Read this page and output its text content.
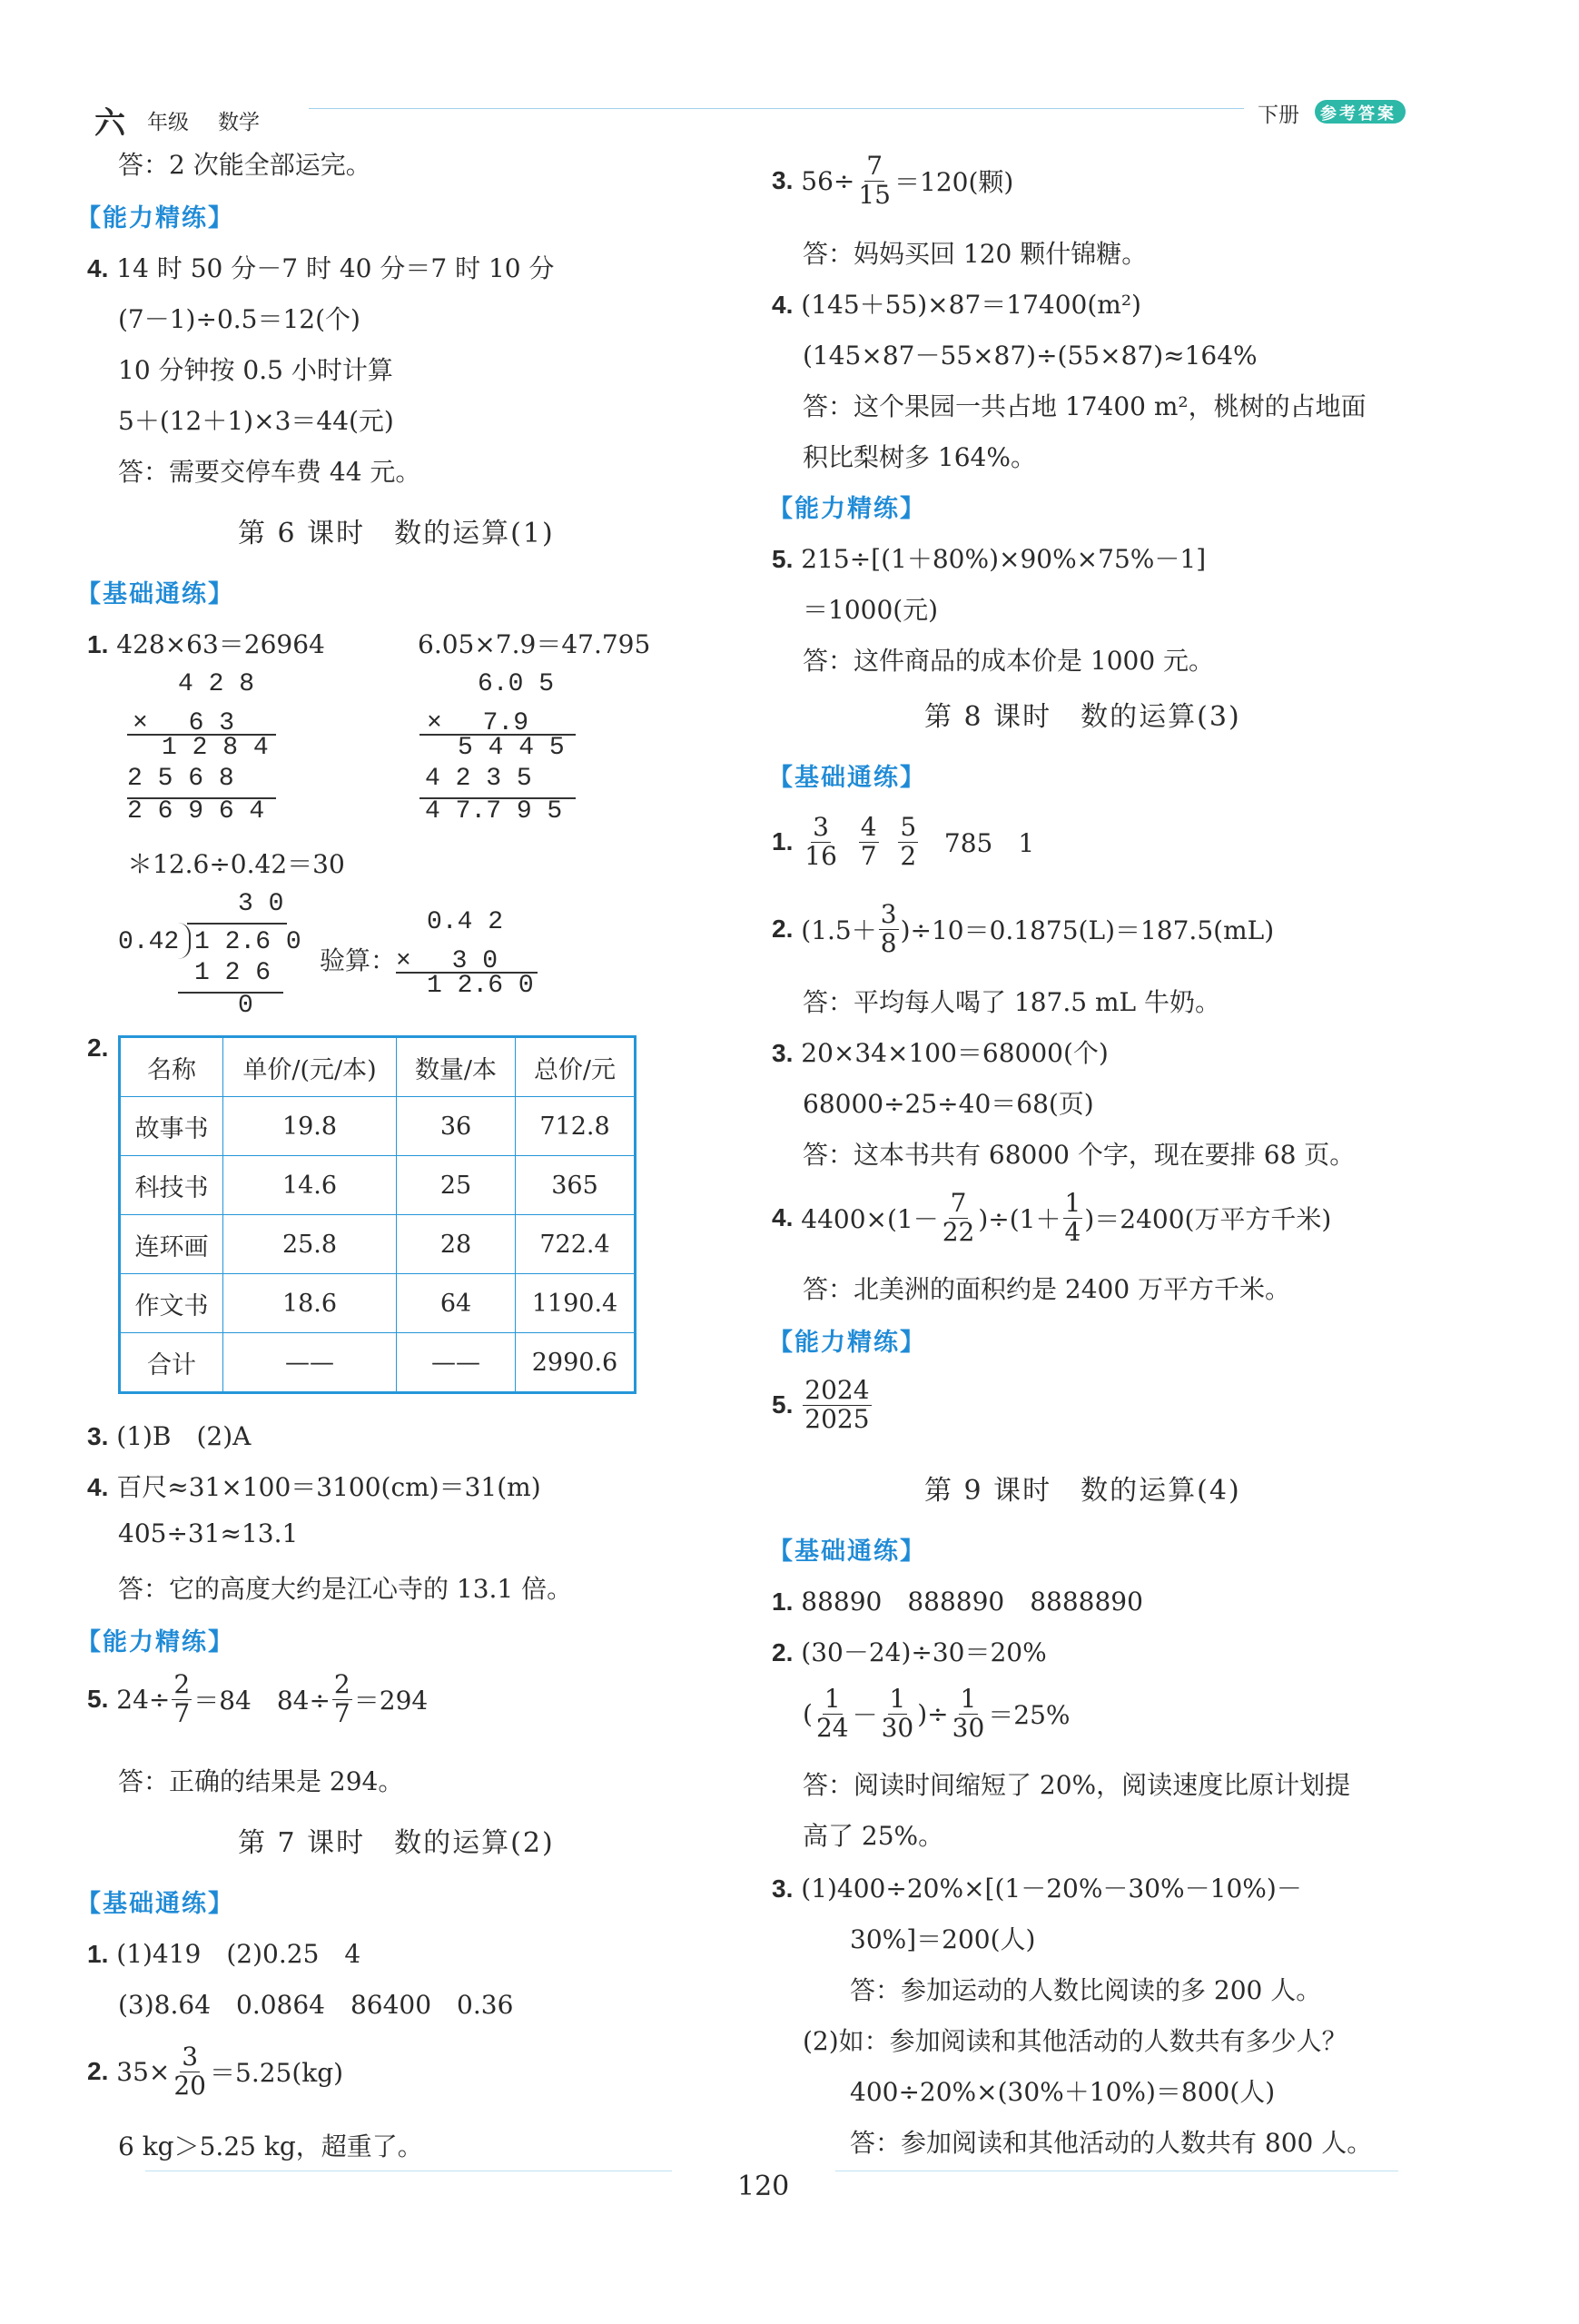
六 年级 数学	下册 参考答案
答：2 次能全部运完。
【能力精练】
4. 14 时 50 分－7 时 40 分＝7 时 10 分
(7－1)÷0.5＝12(个)
10 分钟按 0.5 小时计算
5＋(12＋1)×3＝44(元)
答：需要交停车费 44 元。
第 6 课时　数的运算(1)
【基础通练】
1. 428×63＝26964	6.05×7.9＝47.795
4 2 8
×　 6 3
1 2 8 4
2 5 6 8
2 6 9 6 4
6.0 5
×　 7.9
5 4 4 5
4 2 3 5
4 7.7 9 5
＊12.6÷0.42＝30
3 0
0.42 1 2.6 0
1 2 6
0
验算：
0.4 2
×　 3 0
1 2.6 0
2.
名称	单价/(元/本)	数量/本	总价/元
故事书	19.8	36	712.8
科技书	14.6	25	365
连环画	25.8	28	722.4
作文书	18.6	64	1190.4
合计	——	——	2990.6
3. (1)B　(2)A
4. 百尺≈31×100＝3100(cm)＝31(m)
405÷31≈13.1
答：它的高度大约是江心寺的 13.1 倍。
【能力精练】
5.
$24\div \frac{2}{7} =84$　$84\div \frac{2}{7} =294$
答：正确的结果是 294。
第 7 课时　数的运算(2)
【基础通练】
1. (1)419　(2)0.25　4
(3)8.64　0.0864　86400　0.36
2.
$35\times \frac{3}{20} =5.25(kg)$
6 kg＞5.25 kg，超重了。
3.
$56\div \frac{7}{15} =120$(颗)
答：妈妈买回 120 颗什锦糖。
4. (145＋55)×87＝17400(m²)
(145×87－55×87)÷(55×87)≈164%
答：这个果园一共占地 17400 m²，桃树的占地面
积比梨树多 164%。
【能力精练】
5. 215÷[(1＋80%)×90%×75%－1]
＝1000(元)
答：这件商品的成本价是 1000 元。
第 8 课时　数的运算(3)
【基础通练】
1.
$\frac{3}{16}$
$\frac{4}{7}$
$\frac{5}{2}$
785　1
2.
$(1.5+ \frac{3}{8} )\div 10=0.1875(L)=187.5(mL)$
答：平均每人喝了 187.5 mL 牛奶。
3. 20×34×100＝68000(个)
68000÷25÷40＝68(页)
答：这本书共有 68000 个字，现在要排 68 页。
4.
$4400\times(1- \frac{7}{22} )\div(1+ \frac{1}{4} )=2400$(万平方千米)
答：北美洲的面积约是 2400 万平方千米。
【能力精练】
5.
$\frac{2024}{2025}$
第 9 课时　数的运算(4)
【基础通练】
1. 88890　888890　8888890
2. (30－24)÷30＝20%
( $\frac{1}{24} - \frac{1}{30}$ )÷ $\frac{1}{30} =25\%$
答：阅读时间缩短了 20%，阅读速度比原计划提
高了 25%。
3. (1)400÷20%×[(1－20%－30%－10%)－
30%]＝200(人)
答：参加运动的人数比阅读的多 200 人。
(2)如：参加阅读和其他活动的人数共有多少人？
400÷20%×(30%＋10%)＝800(人)
答：参加阅读和其他活动的人数共有 800 人。
120
